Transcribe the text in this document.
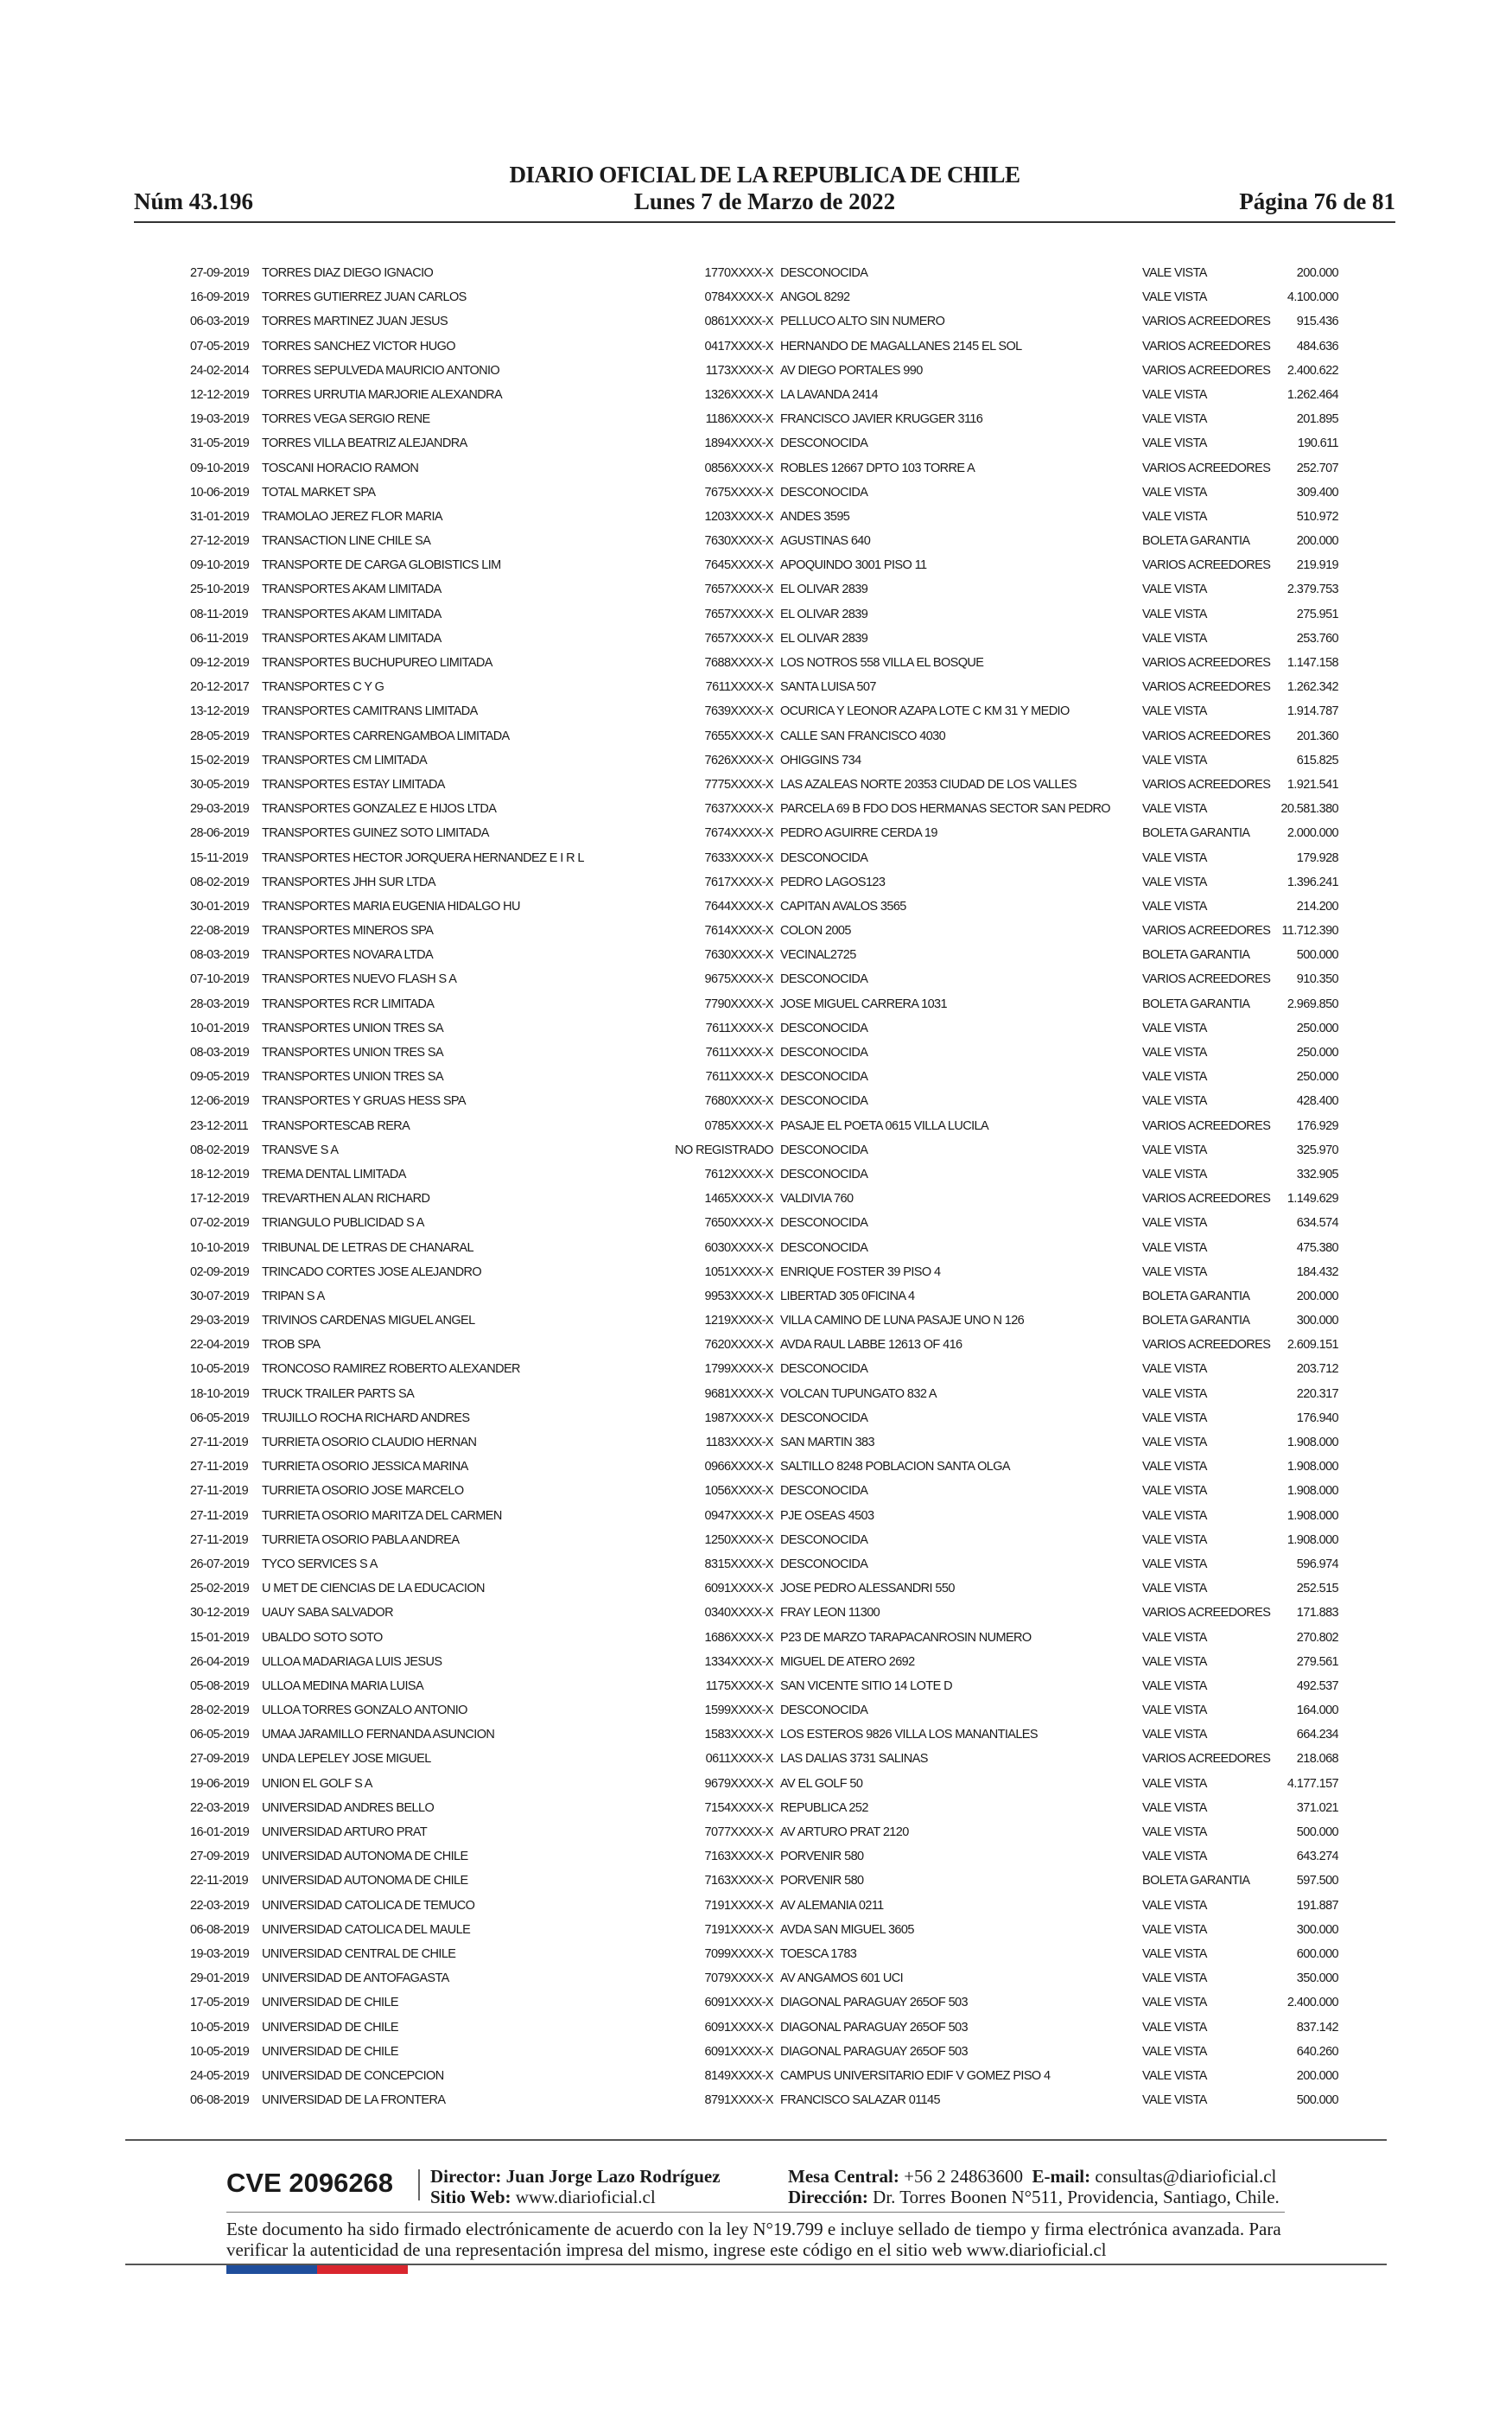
DIARIO OFICIAL DE LA REPUBLICA DE CHILE
Núm 43.196	Lunes 7 de Marzo de 2022	Página 76 de 81
27-09-2019 TORRES DIAZ DIEGO IGNACIO	1770XXXX-X DESCONOCIDA	VALE VISTA	200.000
16-09-2019 TORRES GUTIERREZ JUAN CARLOS	0784XXXX-X ANGOL 8292	VALE VISTA	4.100.000
06-03-2019 TORRES MARTINEZ JUAN JESUS	0861XXXX-X PELLUCO ALTO SIN NUMERO	VARIOS ACREEDORES	915.436
07-05-2019 TORRES SANCHEZ VICTOR HUGO	0417XXXX-X HERNANDO DE MAGALLANES 2145 EL SOL	VARIOS ACREEDORES	484.636
24-02-2014 TORRES SEPULVEDA MAURICIO ANTONIO	1173XXXX-X AV DIEGO PORTALES 990	VARIOS ACREEDORES	2.400.622
12-12-2019 TORRES URRUTIA MARJORIE ALEXANDRA	1326XXXX-X LA LAVANDA 2414	VALE VISTA	1.262.464
19-03-2019 TORRES VEGA SERGIO RENE	1186XXXX-X FRANCISCO JAVIER KRUGGER 3116	VALE VISTA	201.895
31-05-2019 TORRES VILLA BEATRIZ ALEJANDRA	1894XXXX-X DESCONOCIDA	VALE VISTA	190.611
09-10-2019 TOSCANI HORACIO RAMON	0856XXXX-X ROBLES 12667 DPTO 103 TORRE A	VARIOS ACREEDORES	252.707
10-06-2019 TOTAL MARKET SPA	7675XXXX-X DESCONOCIDA	VALE VISTA	309.400
31-01-2019 TRAMOLAO JEREZ FLOR MARIA	1203XXXX-X ANDES 3595	VALE VISTA	510.972
27-12-2019 TRANSACTION LINE CHILE SA	7630XXXX-X AGUSTINAS 640	BOLETA GARANTIA	200.000
09-10-2019 TRANSPORTE DE CARGA GLOBISTICS LIM	7645XXXX-X APOQUINDO 3001 PISO 11	VARIOS ACREEDORES	219.919
25-10-2019 TRANSPORTES AKAM LIMITADA	7657XXXX-X EL OLIVAR 2839	VALE VISTA	2.379.753
08-11-2019 TRANSPORTES AKAM LIMITADA	7657XXXX-X EL OLIVAR 2839	VALE VISTA	275.951
06-11-2019 TRANSPORTES AKAM LIMITADA	7657XXXX-X EL OLIVAR 2839	VALE VISTA	253.760
09-12-2019 TRANSPORTES BUCHUPUREO LIMITADA	7688XXXX-X LOS NOTROS 558 VILLA EL BOSQUE	VARIOS ACREEDORES	1.147.158
20-12-2017 TRANSPORTES C Y G	7611XXXX-X SANTA LUISA 507	VARIOS ACREEDORES	1.262.342
13-12-2019 TRANSPORTES CAMITRANS LIMITADA	7639XXXX-X OCURICA Y LEONOR AZAPA LOTE C KM 31 Y MEDIO	VALE VISTA	1.914.787
28-05-2019 TRANSPORTES CARRENGAMBOA LIMITADA	7655XXXX-X CALLE SAN FRANCISCO 4030	VARIOS ACREEDORES	201.360
15-02-2019 TRANSPORTES CM LIMITADA	7626XXXX-X OHIGGINS 734	VALE VISTA	615.825
30-05-2019 TRANSPORTES ESTAY LIMITADA	7775XXXX-X LAS AZALEAS NORTE 20353 CIUDAD DE LOS VALLES	VARIOS ACREEDORES	1.921.541
29-03-2019 TRANSPORTES GONZALEZ E HIJOS LTDA	7637XXXX-X PARCELA 69 B FDO DOS HERMANAS SECTOR SAN PEDRO	VALE VISTA	20.581.380
28-06-2019 TRANSPORTES GUINEZ SOTO LIMITADA	7674XXXX-X PEDRO AGUIRRE CERDA 19	BOLETA GARANTIA	2.000.000
15-11-2019 TRANSPORTES HECTOR JORQUERA HERNANDEZ E I R L	7633XXXX-X DESCONOCIDA	VALE VISTA	179.928
08-02-2019 TRANSPORTES JHH SUR LTDA	7617XXXX-X PEDRO LAGOS123	VALE VISTA	1.396.241
30-01-2019 TRANSPORTES MARIA EUGENIA HIDALGO HU	7644XXXX-X CAPITAN AVALOS 3565	VALE VISTA	214.200
22-08-2019 TRANSPORTES MINEROS SPA	7614XXXX-X COLON 2005	VARIOS ACREEDORES 11.712.390
08-03-2019 TRANSPORTES NOVARA LTDA	7630XXXX-X VECINAL2725	BOLETA GARANTIA	500.000
07-10-2019 TRANSPORTES NUEVO FLASH S A	9675XXXX-X DESCONOCIDA	VARIOS ACREEDORES	910.350
28-03-2019 TRANSPORTES RCR LIMITADA	7790XXXX-X JOSE MIGUEL CARRERA 1031	BOLETA GARANTIA	2.969.850
10-01-2019 TRANSPORTES UNION TRES SA	7611XXXX-X DESCONOCIDA	VALE VISTA	250.000
08-03-2019 TRANSPORTES UNION TRES SA	7611XXXX-X DESCONOCIDA	VALE VISTA	250.000
09-05-2019 TRANSPORTES UNION TRES SA	7611XXXX-X DESCONOCIDA	VALE VISTA	250.000
12-06-2019 TRANSPORTES Y GRUAS HESS SPA	7680XXXX-X DESCONOCIDA	VALE VISTA	428.400
23-12-2011 TRANSPORTESCAB RERA	0785XXXX-X PASAJE EL POETA 0615 VILLA LUCILA	VARIOS ACREEDORES	176.929
08-02-2019 TRANSVE S A	NO REGISTRADO DESCONOCIDA	VALE VISTA	325.970
18-12-2019 TREMA DENTAL LIMITADA	7612XXXX-X DESCONOCIDA	VALE VISTA	332.905
17-12-2019 TREVARTHEN ALAN RICHARD	1465XXXX-X VALDIVIA 760	VARIOS ACREEDORES	1.149.629
07-02-2019 TRIANGULO PUBLICIDAD S A	7650XXXX-X DESCONOCIDA	VALE VISTA	634.574
10-10-2019 TRIBUNAL DE LETRAS DE CHANARAL	6030XXXX-X DESCONOCIDA	VALE VISTA	475.380
02-09-2019 TRINCADO CORTES JOSE ALEJANDRO	1051XXXX-X ENRIQUE FOSTER 39 PISO 4	VALE VISTA	184.432
30-07-2019 TRIPAN S A	9953XXXX-X LIBERTAD 305 0FICINA 4	BOLETA GARANTIA	200.000
29-03-2019 TRIVINOS CARDENAS MIGUEL ANGEL	1219XXXX-X VILLA CAMINO DE LUNA PASAJE UNO N 126	BOLETA GARANTIA	300.000
22-04-2019 TROB SPA	7620XXXX-X AVDA RAUL LABBE 12613 OF 416	VARIOS ACREEDORES	2.609.151
10-05-2019 TRONCOSO RAMIREZ ROBERTO ALEXANDER	1799XXXX-X DESCONOCIDA	VALE VISTA	203.712
18-10-2019 TRUCK TRAILER PARTS SA	9681XXXX-X VOLCAN TUPUNGATO 832 A	VALE VISTA	220.317
06-05-2019 TRUJILLO ROCHA RICHARD ANDRES	1987XXXX-X DESCONOCIDA	VALE VISTA	176.940
27-11-2019 TURRIETA OSORIO CLAUDIO HERNAN	1183XXXX-X SAN MARTIN 383	VALE VISTA	1.908.000
27-11-2019 TURRIETA OSORIO JESSICA MARINA	0966XXXX-X SALTILLO 8248 POBLACION SANTA OLGA	VALE VISTA	1.908.000
27-11-2019 TURRIETA OSORIO JOSE MARCELO	1056XXXX-X DESCONOCIDA	VALE VISTA	1.908.000
27-11-2019 TURRIETA OSORIO MARITZA DEL CARMEN	0947XXXX-X PJE OSEAS 4503	VALE VISTA	1.908.000
27-11-2019 TURRIETA OSORIO PABLA ANDREA	1250XXXX-X DESCONOCIDA	VALE VISTA	1.908.000
26-07-2019 TYCO SERVICES S A	8315XXXX-X DESCONOCIDA	VALE VISTA	596.974
25-02-2019 U MET DE CIENCIAS DE LA EDUCACION	6091XXXX-X JOSE PEDRO ALESSANDRI 550	VALE VISTA	252.515
30-12-2019 UAUY SABA SALVADOR	0340XXXX-X FRAY LEON 11300	VARIOS ACREEDORES	171.883
15-01-2019 UBALDO SOTO SOTO	1686XXXX-X P23 DE MARZO TARAPACANROSIN NUMERO	VALE VISTA	270.802
26-04-2019 ULLOA MADARIAGA LUIS JESUS	1334XXXX-X MIGUEL DE ATERO 2692	VALE VISTA	279.561
05-08-2019 ULLOA MEDINA MARIA LUISA	1175XXXX-X SAN VICENTE SITIO 14 LOTE D	VALE VISTA	492.537
28-02-2019 ULLOA TORRES GONZALO ANTONIO	1599XXXX-X DESCONOCIDA	VALE VISTA	164.000
06-05-2019 UMAA JARAMILLO FERNANDA ASUNCION	1583XXXX-X LOS ESTEROS 9826 VILLA LOS MANANTIALES	VALE VISTA	664.234
27-09-2019 UNDA LEPELEY JOSE MIGUEL	0611XXXX-X LAS DALIAS 3731 SALINAS	VARIOS ACREEDORES	218.068
19-06-2019 UNION EL GOLF S A	9679XXXX-X AV EL GOLF 50	VALE VISTA	4.177.157
22-03-2019 UNIVERSIDAD ANDRES BELLO	7154XXXX-X REPUBLICA 252	VALE VISTA	371.021
16-01-2019 UNIVERSIDAD ARTURO PRAT	7077XXXX-X AV ARTURO PRAT 2120	VALE VISTA	500.000
27-09-2019 UNIVERSIDAD AUTONOMA DE CHILE	7163XXXX-X PORVENIR 580	VALE VISTA	643.274
22-11-2019 UNIVERSIDAD AUTONOMA DE CHILE	7163XXXX-X PORVENIR 580	BOLETA GARANTIA	597.500
22-03-2019 UNIVERSIDAD CATOLICA DE TEMUCO	7191XXXX-X AV ALEMANIA 0211	VALE VISTA	191.887
06-08-2019 UNIVERSIDAD CATOLICA DEL MAULE	7191XXXX-X AVDA SAN MIGUEL 3605	VALE VISTA	300.000
19-03-2019 UNIVERSIDAD CENTRAL DE CHILE	7099XXXX-X TOESCA 1783	VALE VISTA	600.000
29-01-2019 UNIVERSIDAD DE ANTOFAGASTA	7079XXXX-X AV ANGAMOS 601 UCI	VALE VISTA	350.000
17-05-2019 UNIVERSIDAD DE CHILE	6091XXXX-X DIAGONAL PARAGUAY 265OF 503	VALE VISTA	2.400.000
10-05-2019 UNIVERSIDAD DE CHILE	6091XXXX-X DIAGONAL PARAGUAY 265OF 503	VALE VISTA	837.142
10-05-2019 UNIVERSIDAD DE CHILE	6091XXXX-X DIAGONAL PARAGUAY 265OF 503	VALE VISTA	640.260
24-05-2019 UNIVERSIDAD DE CONCEPCION	8149XXXX-X CAMPUS UNIVERSITARIO EDIF V GOMEZ PISO 4	VALE VISTA	200.000
06-08-2019 UNIVERSIDAD DE LA FRONTERA	8791XXXX-X FRANCISCO SALAZAR 01145	VALE VISTA	500.000
CVE 2096268 Director: Juan Jorge Lazo Rodríguez
Sitio Web: www.diarioficial.cl
Mesa Central: +56 2 24863600 E-mail: consultas@diarioficial.cl
Dirección: Dr. Torres Boonen N°511, Providencia, Santiago, Chile.
Este documento ha sido firmado electrónicamente de acuerdo con la ley N°19.799 e incluye sellado de tiempo y firma electrónica avanzada. Para verificar la autenticidad de una representación impresa del mismo, ingrese este código en el sitio web www.diarioficial.cl
